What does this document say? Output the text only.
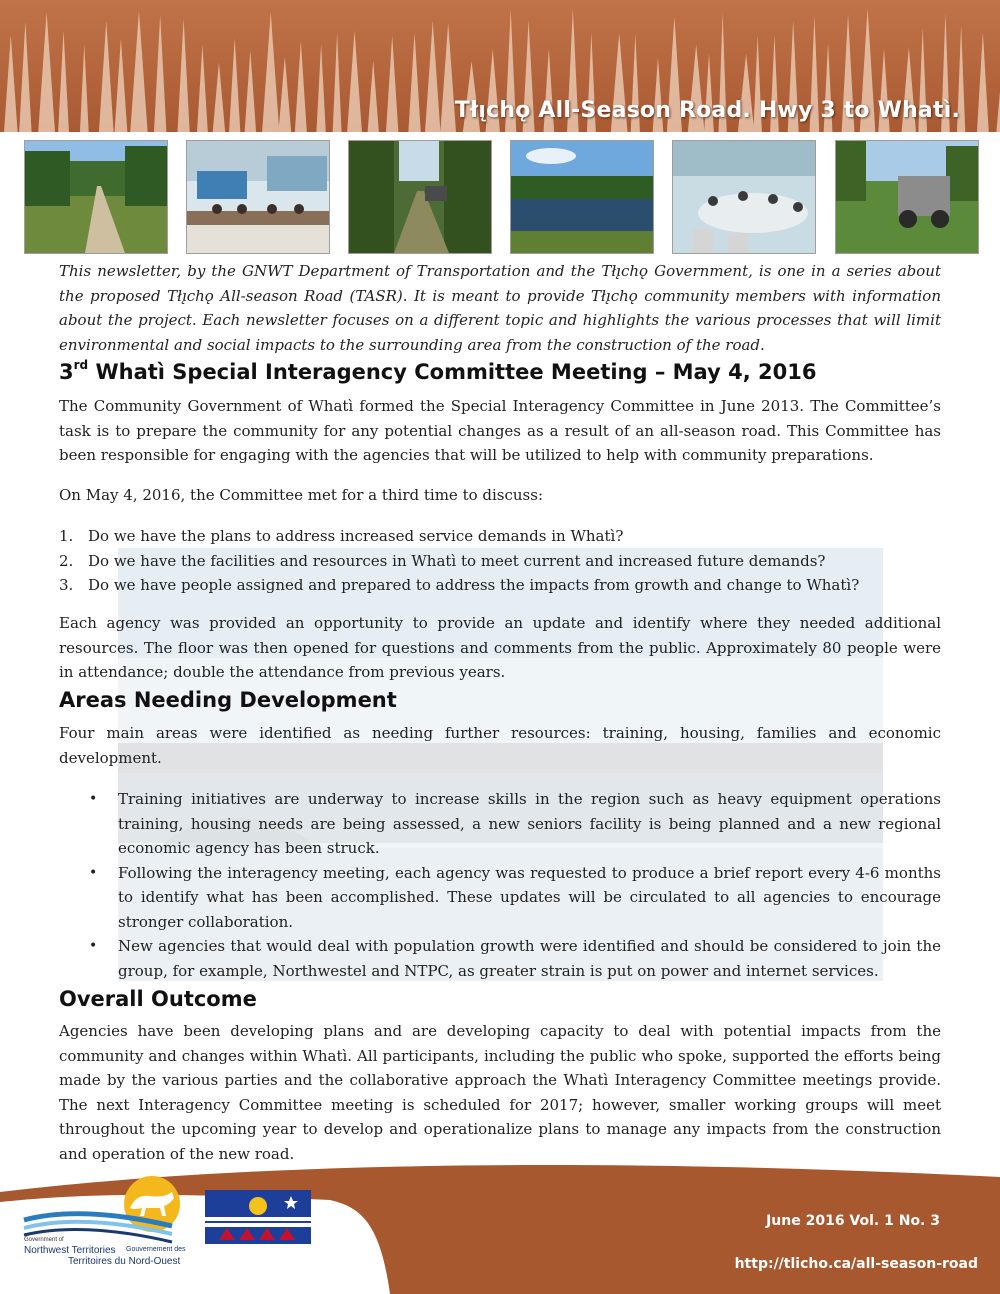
Tłı̨chǫ All-Season Road. Hwy 3 to Whatì.

This newsletter, by the GNWT Department of Transportation and the Tłı̨chǫ Government, is one in a series about the proposed Tłı̨chǫ All-season Road (TASR). It is meant to provide Tłı̨chǫ community members with information about the project. Each newsletter focuses on a different topic and highlights the various processes that will limit environmental and social impacts to the surrounding area from the construction of the road.

3rd Whatì Special Interagency Committee Meeting – May 4, 2016

The Community Government of Whatì formed the Special Interagency Committee in June 2013. The Committee’s task is to prepare the community for any potential changes as a result of an all-season road. This Committee has been responsible for engaging with the agencies that will be utilized to help with community preparations.

On May 4, 2016, the Committee met for a third time to discuss:

1. Do we have the plans to address increased service demands in Whatì?
2. Do we have the facilities and resources in Whatì to meet current and increased future demands?
3. Do we have people assigned and prepared to address the impacts from growth and change to Whatì?

Each agency was provided an opportunity to provide an update and identify where they needed additional resources. The floor was then opened for questions and comments from the public. Approximately 80 people were in attendance; double the attendance from previous years.

Areas Needing Development

Four main areas were identified as needing further resources: training, housing, families and economic development.

• Training initiatives are underway to increase skills in the region such as heavy equipment operations training, housing needs are being assessed, a new seniors facility is being planned and a new regional economic agency has been struck.
• Following the interagency meeting, each agency was requested to produce a brief report every 4-6 months to identify what has been accomplished. These updates will be circulated to all agencies to encourage stronger collaboration.
• New agencies that would deal with population growth were identified and should be considered to join the group, for example, Northwestel and NTPC, as greater strain is put on power and internet services.
Overall Outcome

Agencies have been developing plans and are developing capacity to deal with potential impacts from the community and changes within Whatì. All participants, including the public who spoke, supported the efforts being made by the various parties and the collaborative approach the Whatì Interagency Committee meetings provide. The next Interagency Committee meeting is scheduled for 2017; however, smaller working groups will meet throughout the upcoming year to develop and operationalize plans to manage any impacts from the construction and operation of the new road.

Government of
Northwest Territories Gouvernement des
Territoires du Nord-Ouest
June 2016 Vol. 1 No. 3
http://tlicho.ca/all-season-road
